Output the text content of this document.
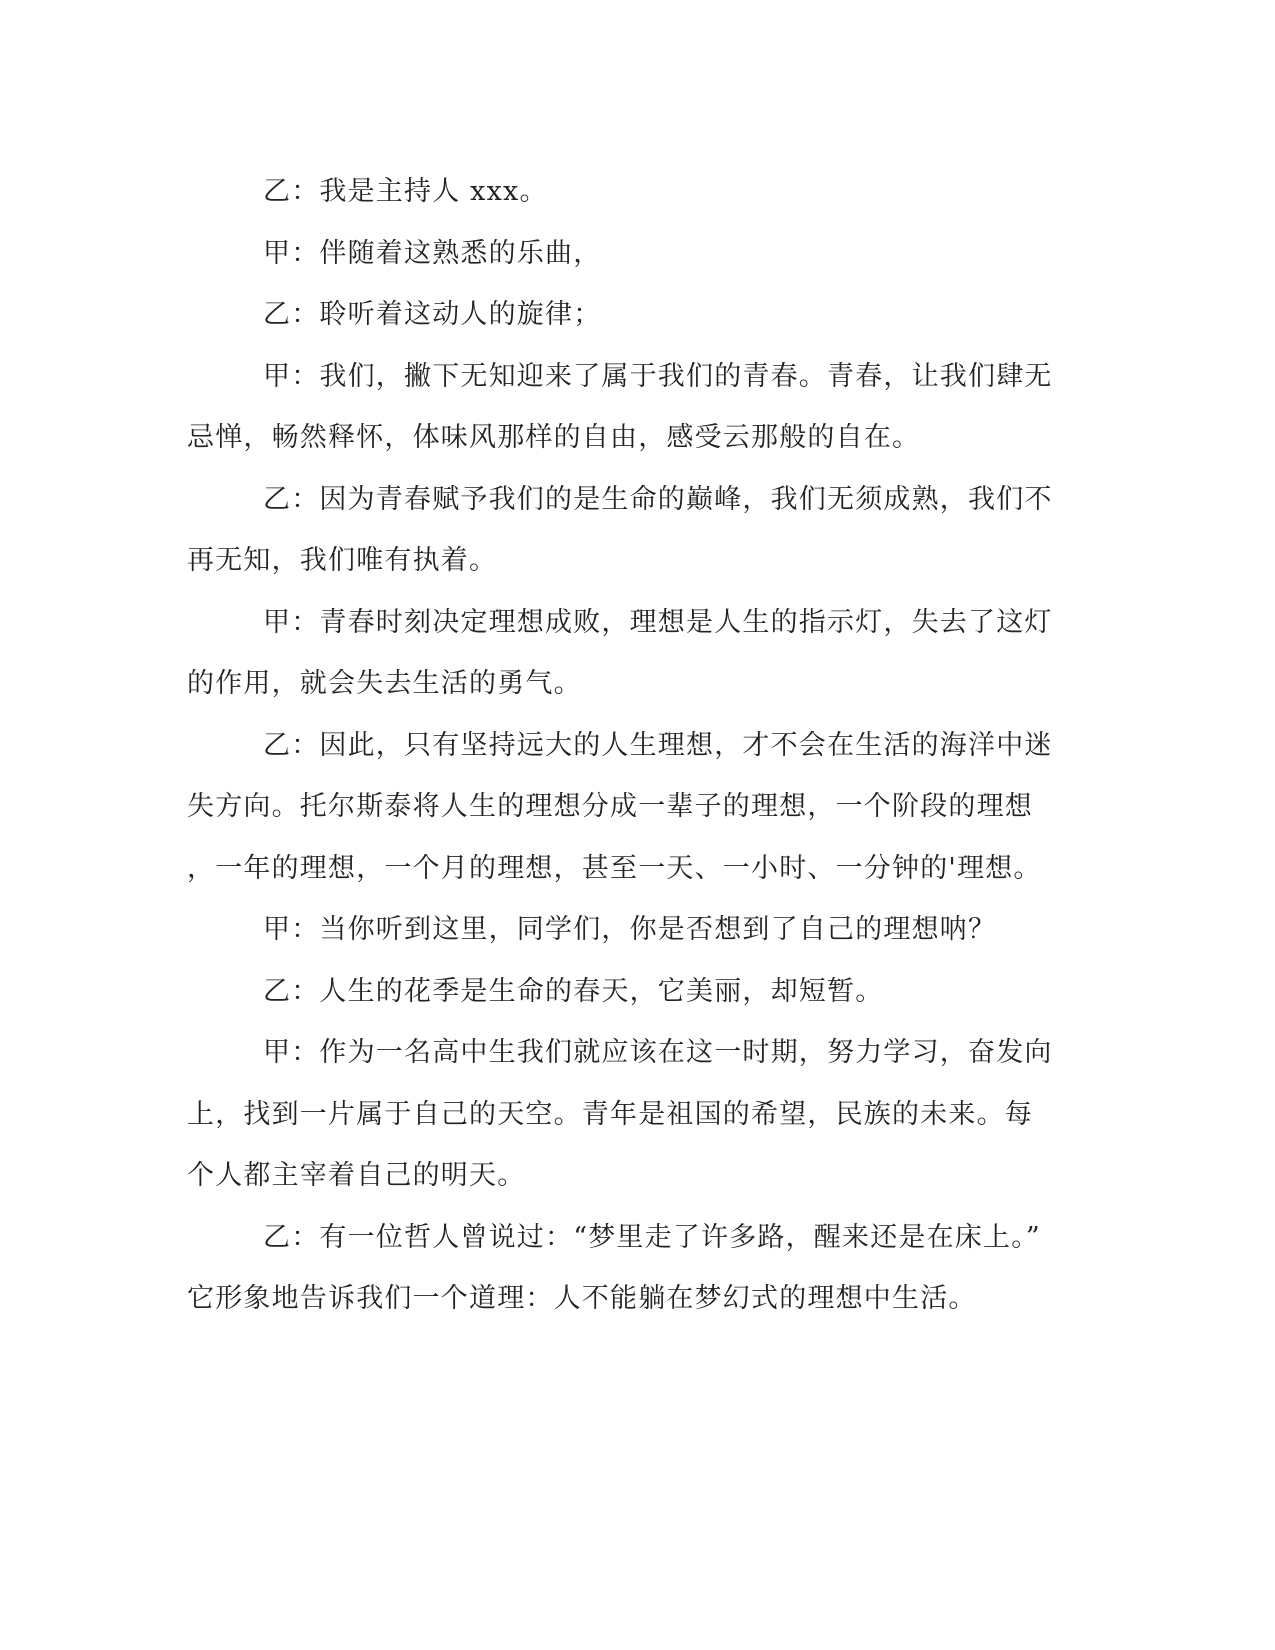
乙：我是主持人 xxx。
甲：伴随着这熟悉的乐曲，
乙：聆听着这动人的旋律；
甲：我们，撇下无知迎来了属于我们的青春。青春，让我们肆无
忌惮，畅然释怀，体味风那样的自由，感受云那般的自在。
乙：因为青春赋予我们的是生命的巅峰，我们无须成熟，我们不
再无知，我们唯有执着。
甲：青春时刻决定理想成败，理想是人生的指示灯，失去了这灯
的作用，就会失去生活的勇气。
乙：因此，只有坚持远大的人生理想，才不会在生活的海洋中迷
失方向。托尔斯泰将人生的理想分成一辈子的理想，一个阶段的理想
，一年的理想，一个月的理想，甚至一天、一小时、一分钟的'理想。
甲：当你听到这里，同学们，你是否想到了自己的理想呐？
乙：人生的花季是生命的春天，它美丽，却短暂。
甲：作为一名高中生我们就应该在这一时期，努力学习，奋发向
上，找到一片属于自己的天空。青年是祖国的希望，民族的未来。每
个人都主宰着自己的明天。
乙：有一位哲人曾说过：“梦里走了许多路，醒来还是在床上。”
它形象地告诉我们一个道理：人不能躺在梦幻式的理想中生活。
